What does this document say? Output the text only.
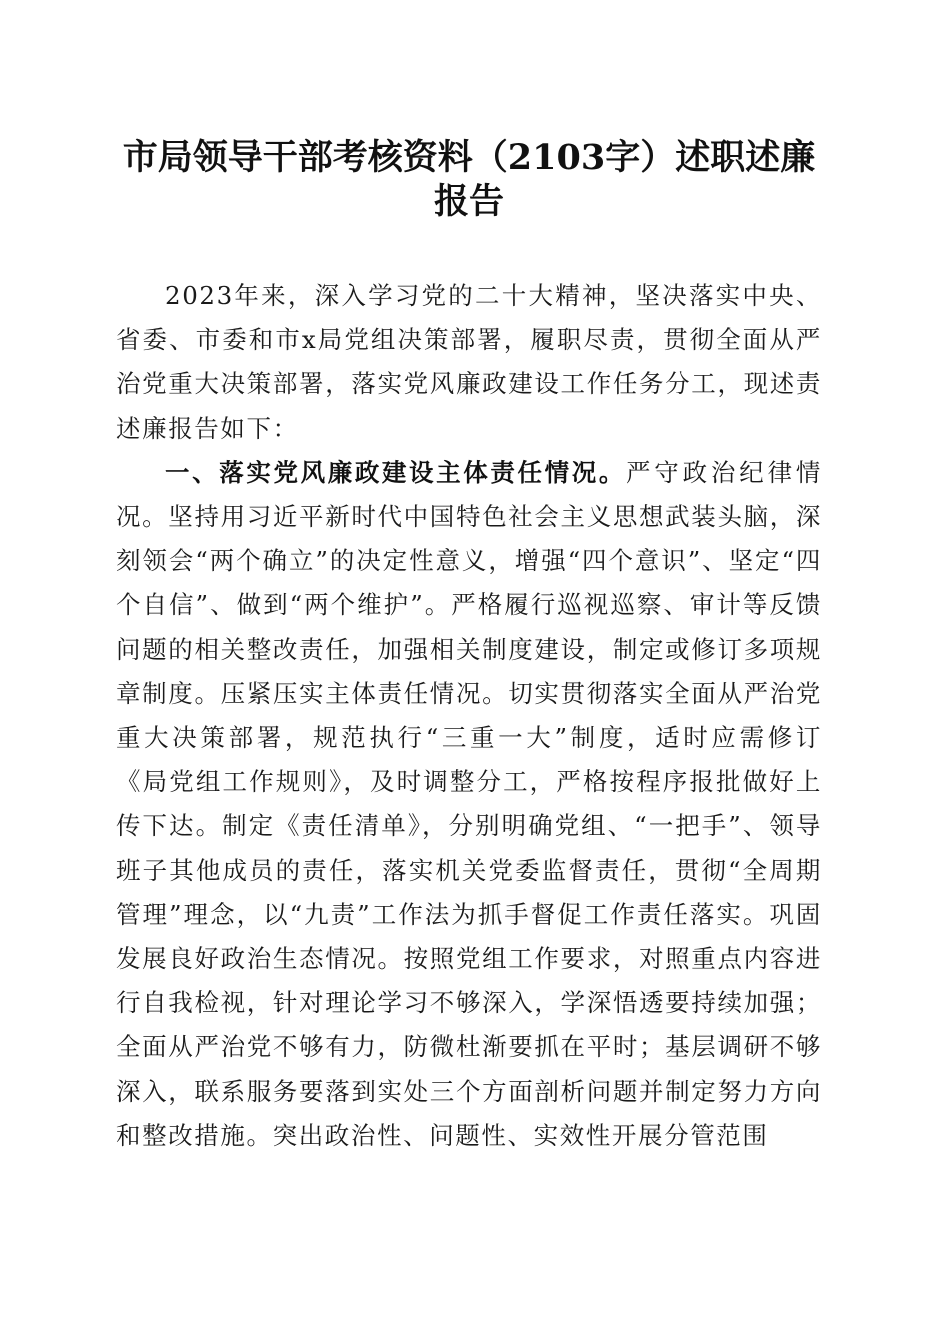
市局领导干部考核资料（2103字）述职述廉
报告

2023年来，深入学习党的二十大精神，坚决落实中央、省委、市委和市x局党组决策部署，履职尽责，贯彻全面从严治党重大决策部署，落实党风廉政建设工作任务分工，现述责述廉报告如下：

一、落实党风廉政建设主体责任情况。严守政治纪律情况。坚持用习近平新时代中国特色社会主义思想武装头脑，深刻领会“两个确立”的决定性意义，增强“四个意识”、坚定“四个自信”、做到“两个维护”。严格履行巡视巡察、审计等反馈问题的相关整改责任，加强相关制度建设，制定或修订多项规章制度。压紧压实主体责任情况。切实贯彻落实全面从严治党重大决策部署，规范执行“三重一大”制度，适时应需修订《局党组工作规则》，及时调整分工，严格按程序报批做好上传下达。制定《责任清单》，分别明确党组、“一把手”、领导班子其他成员的责任，落实机关党委监督责任，贯彻“全周期管理”理念，以“九责”工作法为抓手督促工作责任落实。巩固发展良好政治生态情况。按照党组工作要求，对照重点内容进行自我检视，针对理论学习不够深入，学深悟透要持续加强；全面从严治党不够有力，防微杜渐要抓在平时；基层调研不够深入，联系服务要落到实处三个方面剖析问题并制定努力方向和整改措施。突出政治性、问题性、实效性开展分管范围
